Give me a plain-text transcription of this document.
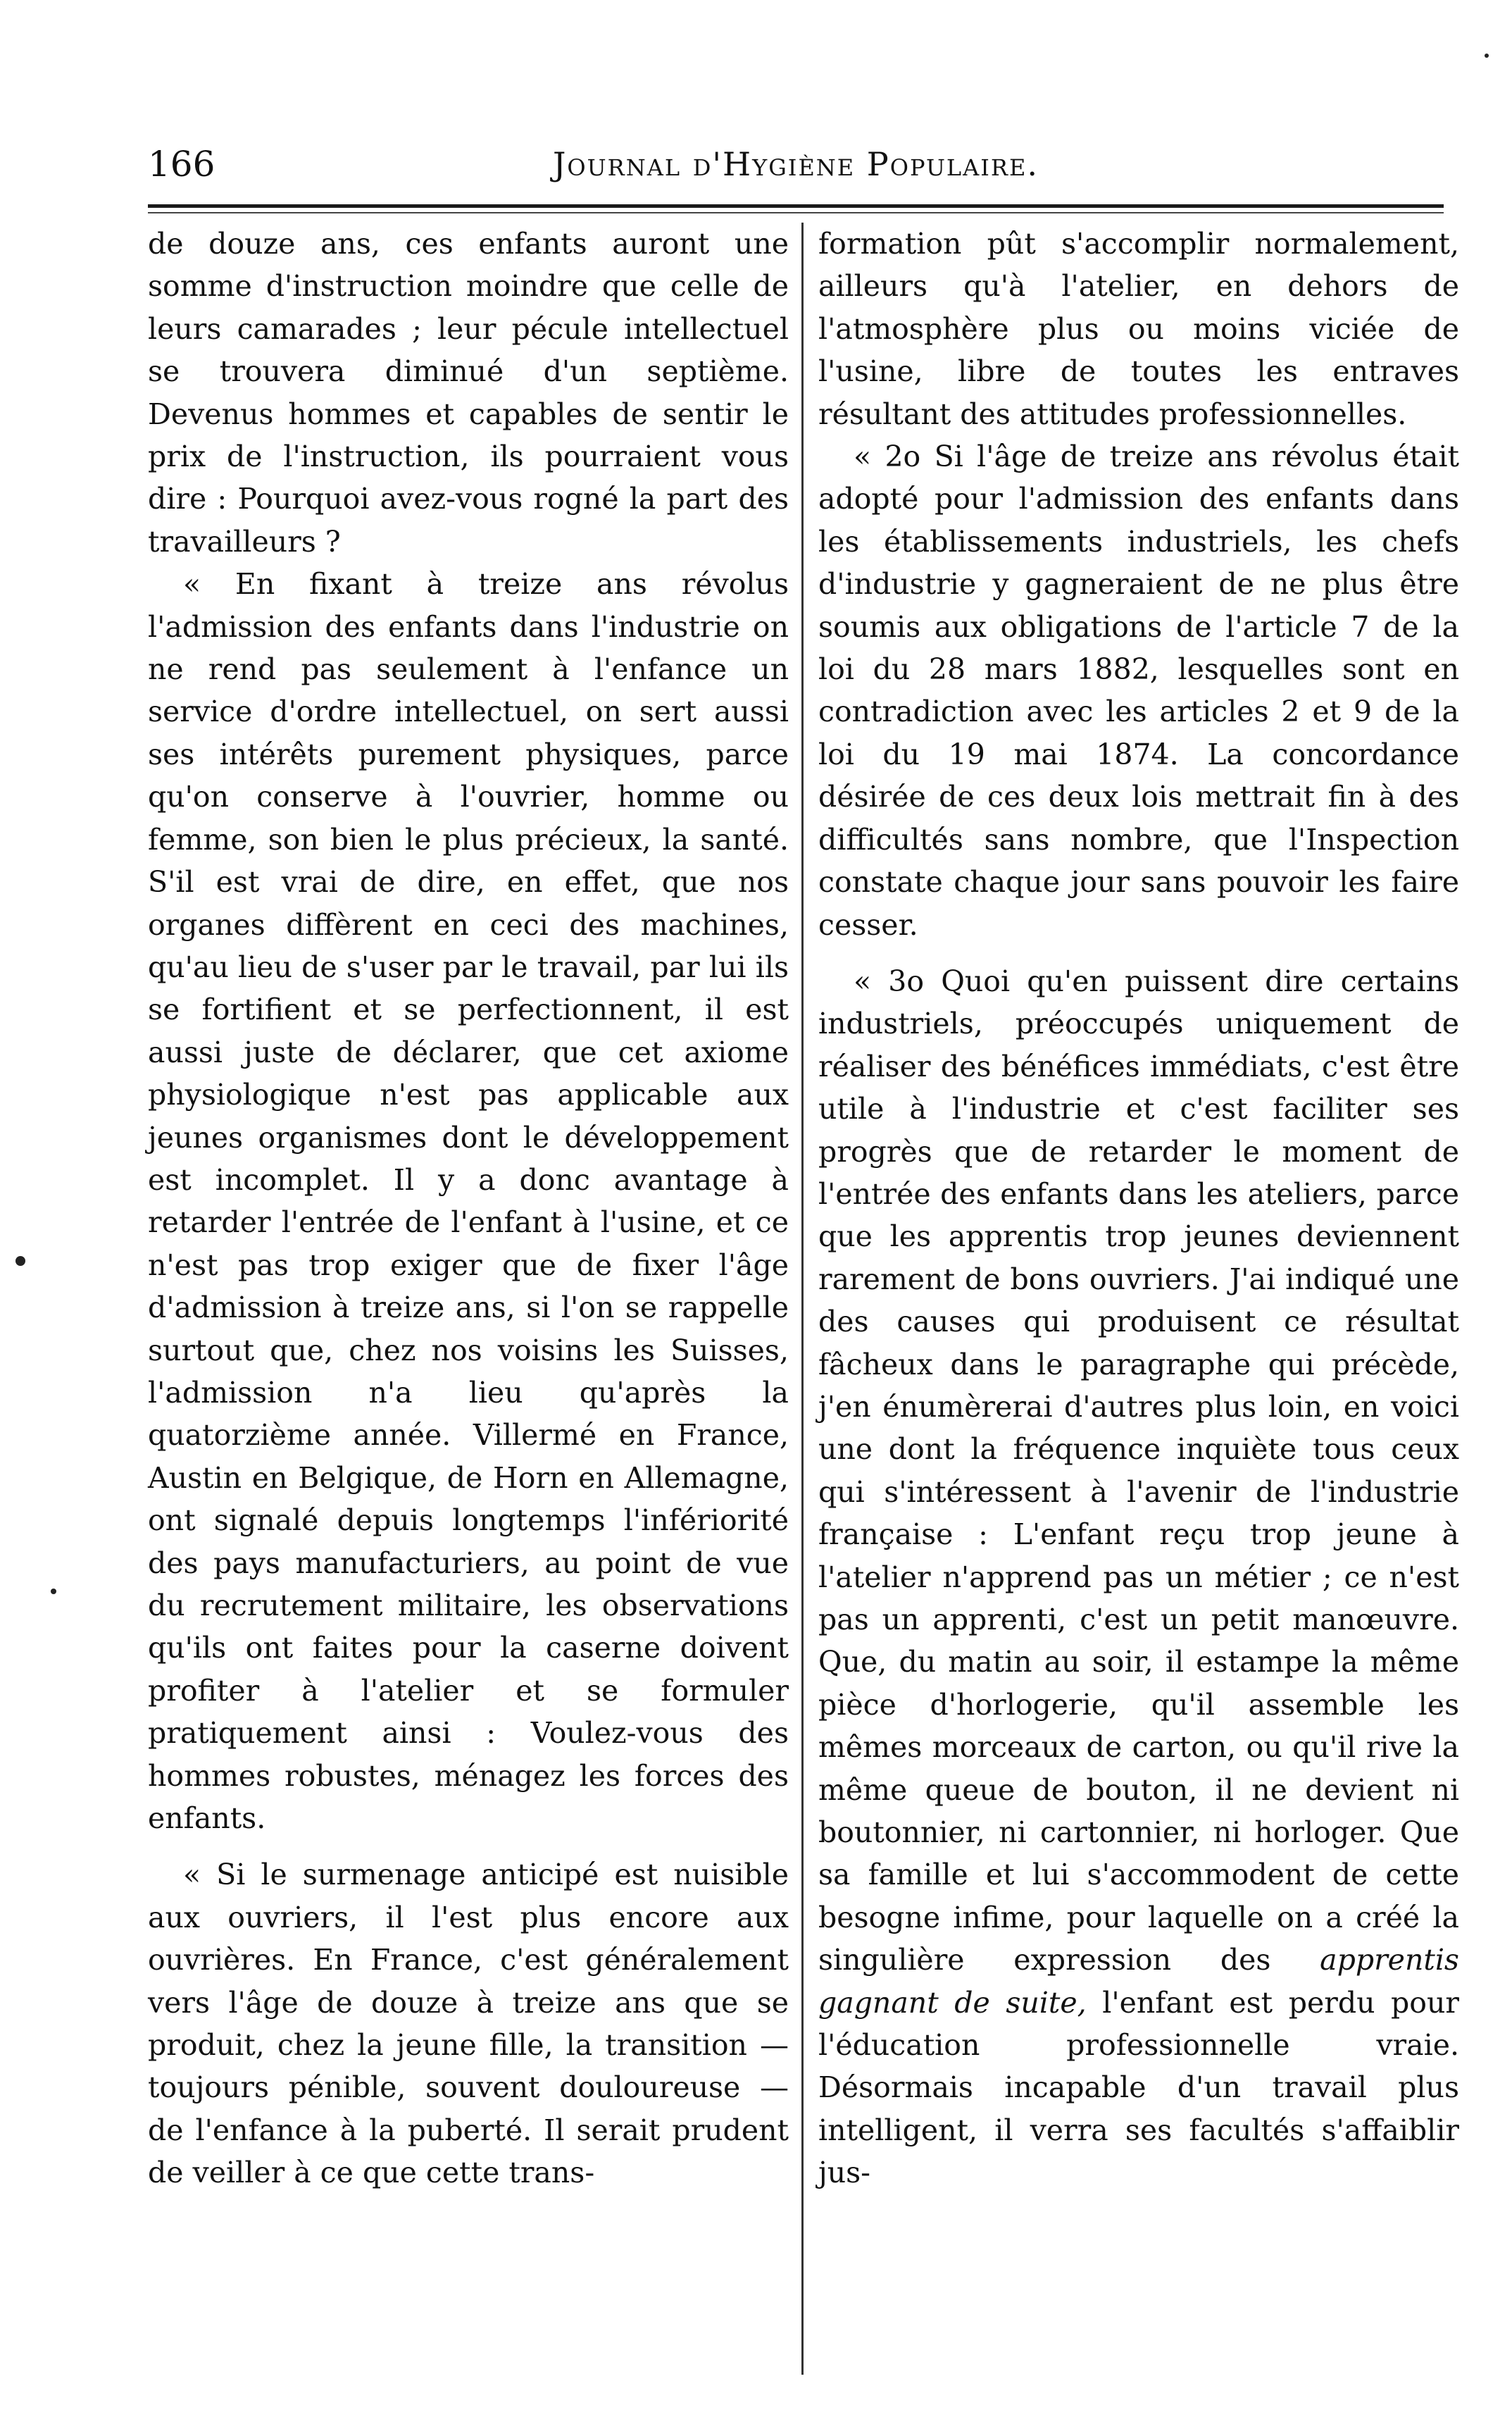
166	Journal d'Hygiène Populaire.

de douze ans, ces enfants auront une somme d'instruction moindre que celle de leurs camarades ; leur pécule intellectuel se trouvera diminué d'un septième. Devenus hommes et capables de sentir le prix de l'instruction, ils pourraient vous dire : Pourquoi avez-vous rogné la part des travailleurs ?

« En fixant à treize ans révolus l'admission des enfants dans l'industrie on ne rend pas seulement à l'enfance un service d'ordre intellectuel, on sert aussi ses intérêts purement physiques, parce qu'on conserve à l'ouvrier, homme ou femme, son bien le plus précieux, la santé. S'il est vrai de dire, en effet, que nos organes diffèrent en ceci des machines, qu'au lieu de s'user par le travail, par lui ils se fortifient et se perfectionnent, il est aussi juste de déclarer, que cet axiome physiologique n'est pas applicable aux jeunes organismes dont le développement est incomplet. Il y a donc avantage à retarder l'entrée de l'enfant à l'usine, et ce n'est pas trop exiger que de fixer l'âge d'admission à treize ans, si l'on se rappelle surtout que, chez nos voisins les Suisses, l'admission n'a lieu qu'après la quatorzième année. Villermé en France, Austin en Belgique, de Horn en Allemagne, ont signalé depuis longtemps l'infériorité des pays manufacturiers, au point de vue du recrutement militaire, les observations qu'ils ont faites pour la caserne doivent profiter à l'atelier et se formuler pratiquement ainsi : Voulez-vous des hommes robustes, ménagez les forces des enfants.

« Si le surmenage anticipé est nuisible aux ouvriers, il l'est plus encore aux ouvrières. En France, c'est généralement vers l'âge de douze à treize ans que se produit, chez la jeune fille, la transition — toujours pénible, souvent douloureuse — de l'enfance à la puberté. Il serait prudent de veiller à ce que cette trans-

formation pût s'accomplir normalement, ailleurs qu'à l'atelier, en dehors de l'atmosphère plus ou moins viciée de l'usine, libre de toutes les entraves résultant des attitudes professionnelles.

« 2o Si l'âge de treize ans révolus était adopté pour l'admission des enfants dans les établissements industriels, les chefs d'industrie y gagneraient de ne plus être soumis aux obligations de l'article 7 de la loi du 28 mars 1882, lesquelles sont en contradiction avec les articles 2 et 9 de la loi du 19 mai 1874. La concordance désirée de ces deux lois mettrait fin à des difficultés sans nombre, que l'Inspection constate chaque jour sans pouvoir les faire cesser.

« 3o Quoi qu'en puissent dire certains industriels, préoccupés uniquement de réaliser des bénéfices immédiats, c'est être utile à l'industrie et c'est faciliter ses progrès que de retarder le moment de l'entrée des enfants dans les ateliers, parce que les apprentis trop jeunes deviennent rarement de bons ouvriers. J'ai indiqué une des causes qui produisent ce résultat fâcheux dans le paragraphe qui précède, j'en énumèrerai d'autres plus loin, en voici une dont la fréquence inquiète tous ceux qui s'intéressent à l'avenir de l'industrie française : L'enfant reçu trop jeune à l'atelier n'apprend pas un métier ; ce n'est pas un apprenti, c'est un petit manœuvre. Que, du matin au soir, il estampe la même pièce d'horlogerie, qu'il assemble les mêmes morceaux de carton, ou qu'il rive la même queue de bouton, il ne devient ni boutonnier, ni cartonnier, ni horloger. Que sa famille et lui s'accommodent de cette besogne infime, pour laquelle on a créé la singulière expression des apprentis gagnant de suite, l'enfant est perdu pour l'éducation professionnelle vraie. Désormais incapable d'un travail plus intelligent, il verra ses facultés s'affaiblir jus-
